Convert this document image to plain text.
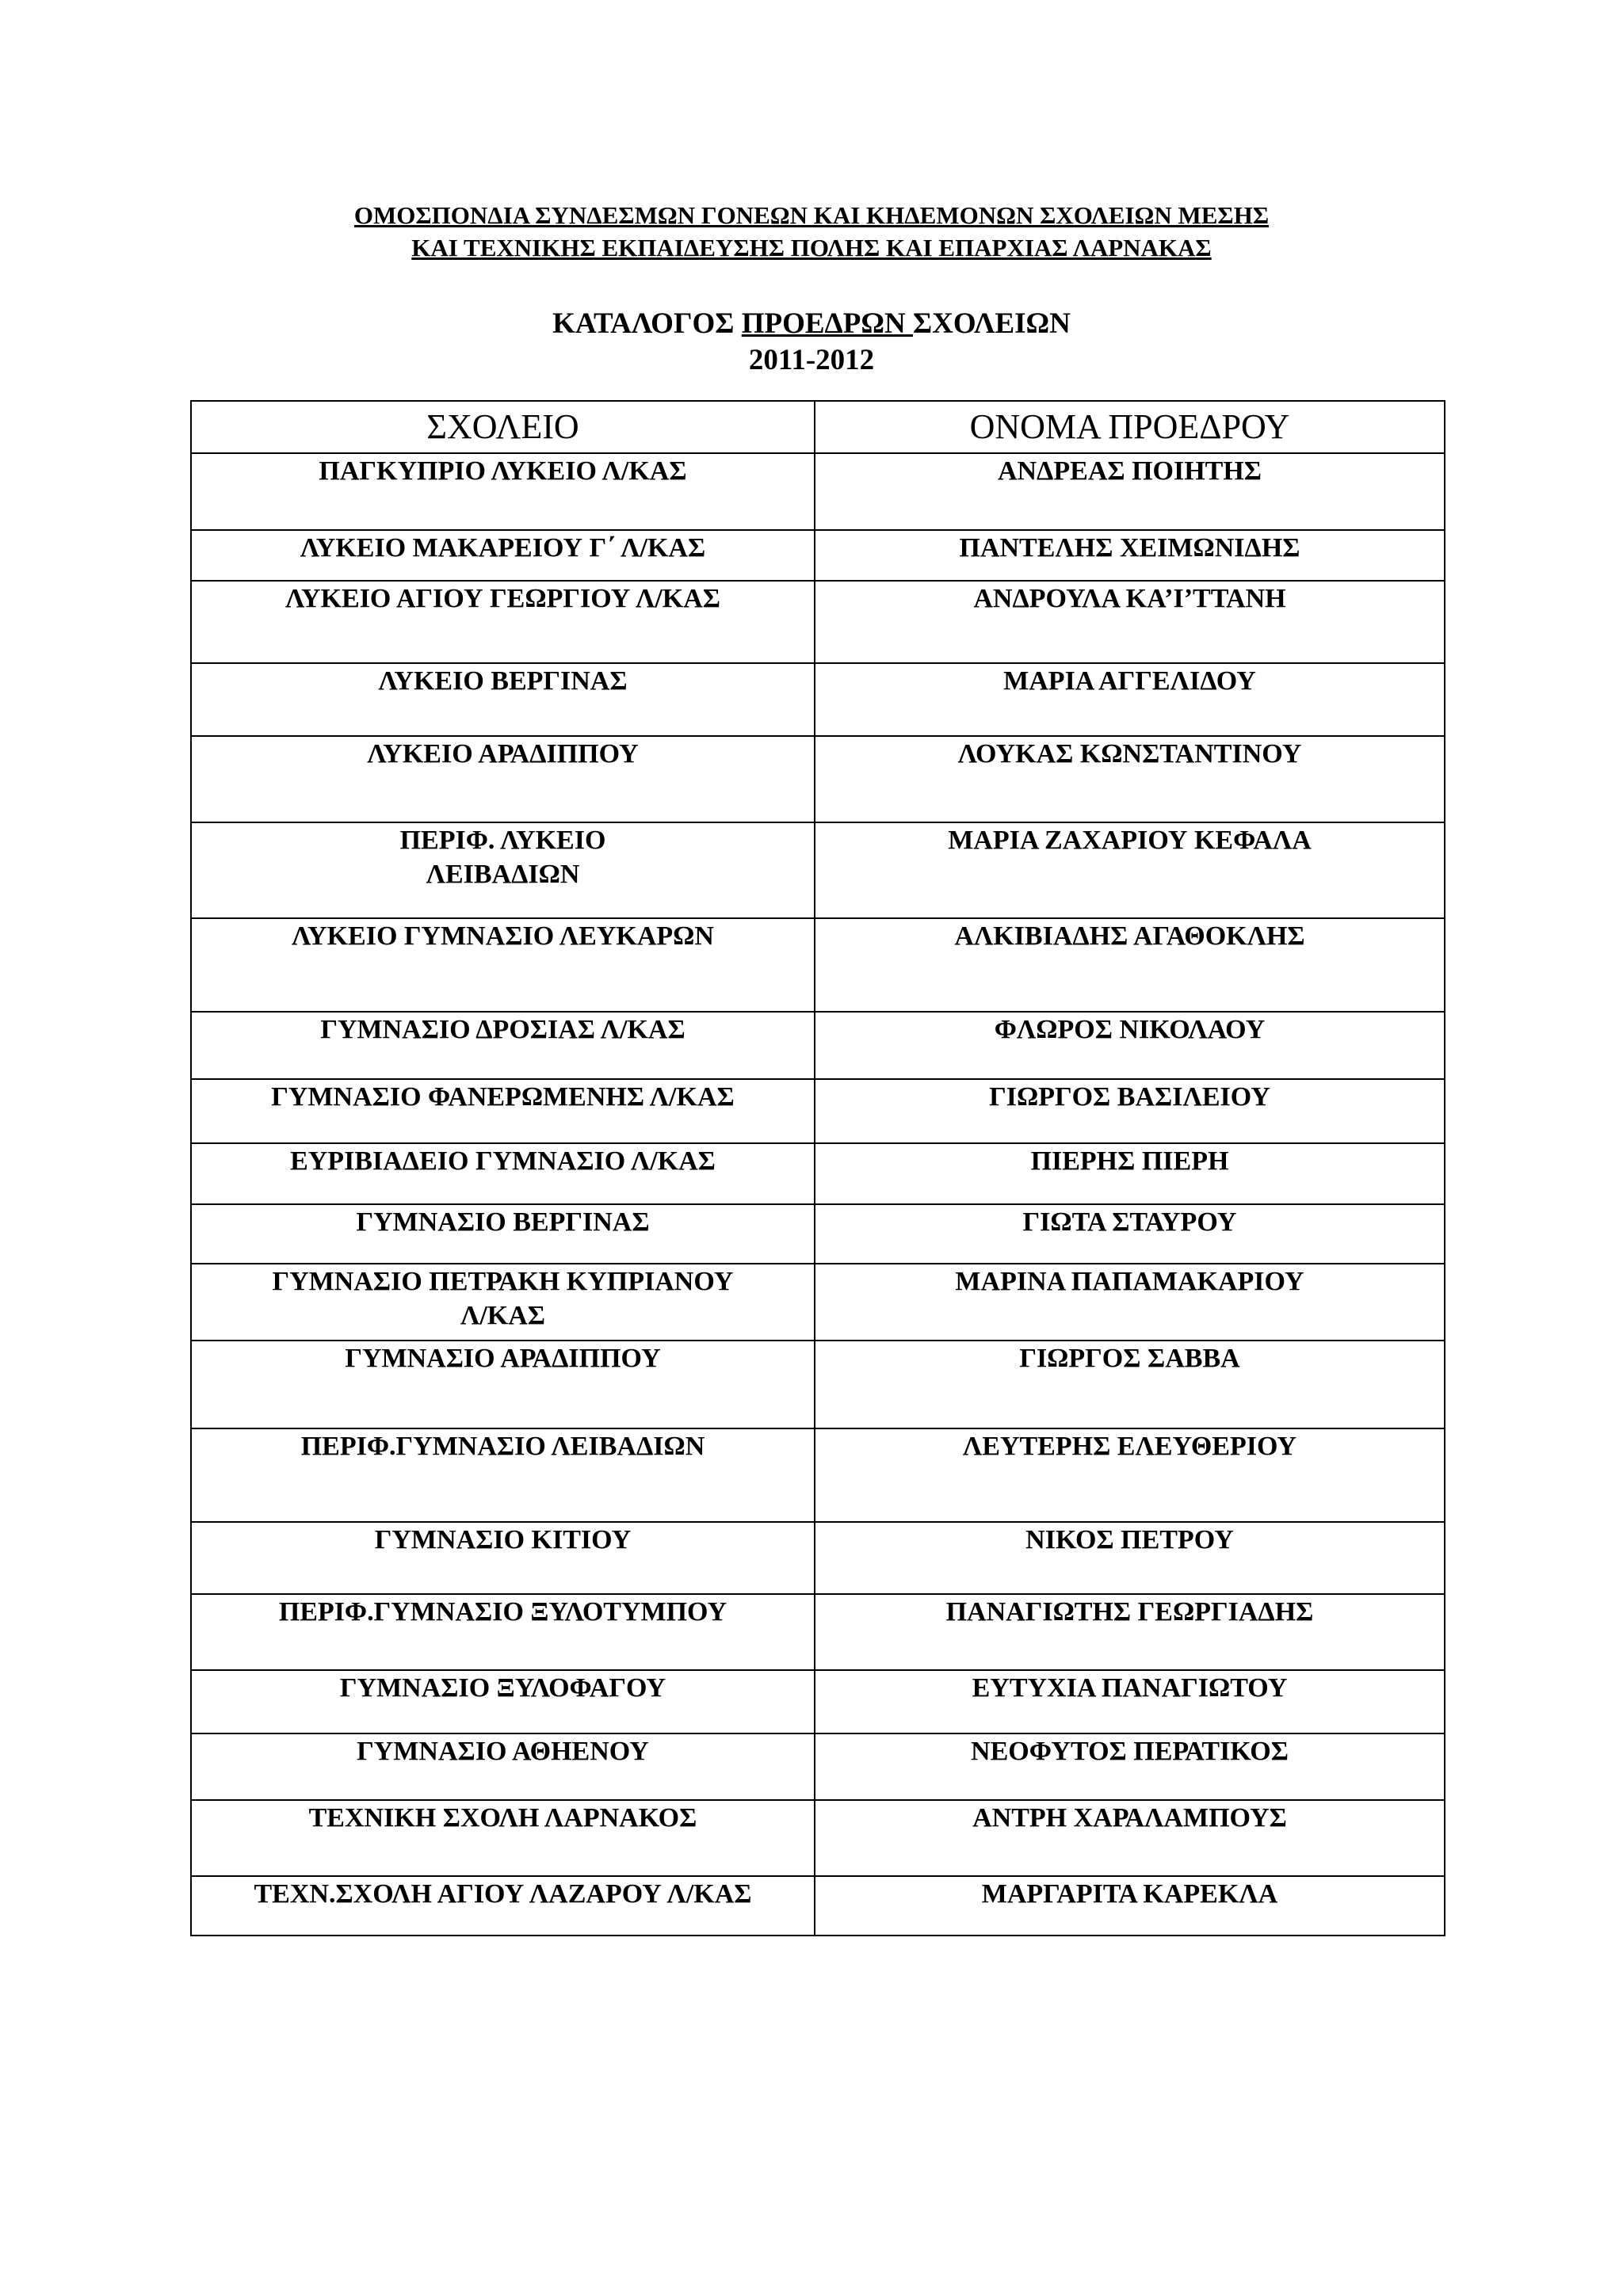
ΟΜΟΣΠΟΝΔΙΑ ΣΥΝΔΕΣΜΩΝ ΓΟΝΕΩΝ ΚΑΙ ΚΗΔΕΜΟΝΩΝ ΣΧΟΛΕΙΩΝ ΜΕΣΗΣ
ΚΑΙ ΤΕΧΝΙΚΗΣ ΕΚΠΑΙΔΕΥΣΗΣ ΠΟΛΗΣ ΚΑΙ ΕΠΑΡΧΙΑΣ ΛΑΡΝΑΚΑΣ
ΚΑΤΑΛΟΓΟΣ ΠΡΟΕΔΡΩΝ ΣΧΟΛΕΙΩΝ
2011-2012
ΣΧΟΛΕΙΟ	ΟΝΟΜΑ ΠΡΟΕΔΡΟΥ
ΠΑΓΚΥΠΡΙΟ ΛΥΚΕΙΟ Λ/ΚΑΣ	ΑΝΔΡΕΑΣ ΠΟΙΗΤΗΣ
ΛΥΚΕΙΟ ΜΑΚΑΡΕΙΟΥ Γ΄ Λ/ΚΑΣ	ΠΑΝΤΕΛΗΣ ΧΕΙΜΩΝΙΔΗΣ
ΛΥΚΕΙΟ ΑΓΙΟΥ ΓΕΩΡΓΙΟΥ Λ/ΚΑΣ	ΑΝΔΡΟΥΛΑ ΚΑ’Ι’ΤΤΑΝΗ
ΛΥΚΕΙΟ ΒΕΡΓΙΝΑΣ	ΜΑΡΙΑ ΑΓΓΕΛΙΔΟΥ
ΛΥΚΕΙΟ ΑΡΑΔΙΠΠΟΥ	ΛΟΥΚΑΣ ΚΩΝΣΤΑΝΤΙΝΟΥ
ΠΕΡΙΦ. ΛΥΚΕΙΟ
ΛΕΙΒΑΔΙΩΝ	ΜΑΡΙΑ ΖΑΧΑΡΙΟΥ ΚΕΦΑΛΑ
ΛΥΚΕΙΟ ΓΥΜΝΑΣΙΟ ΛΕΥΚΑΡΩΝ	ΑΛΚΙΒΙΑΔΗΣ ΑΓΑΘΟΚΛΗΣ
ΓΥΜΝΑΣΙΟ ΔΡΟΣΙΑΣ Λ/ΚΑΣ	ΦΛΩΡΟΣ ΝΙΚΟΛΑΟΥ
ΓΥΜΝΑΣΙΟ ΦΑΝΕΡΩΜΕΝΗΣ Λ/ΚΑΣ	ΓΙΩΡΓΟΣ ΒΑΣΙΛΕΙΟΥ
ΕΥΡΙΒΙΑΔΕΙΟ ΓΥΜΝΑΣΙΟ Λ/ΚΑΣ	ΠΙΕΡΗΣ ΠΙΕΡΗ
ΓΥΜΝΑΣΙΟ ΒΕΡΓΙΝΑΣ	ΓΙΩΤΑ ΣΤΑΥΡΟΥ
ΓΥΜΝΑΣΙΟ ΠΕΤΡΑΚΗ ΚΥΠΡΙΑΝΟΥ
Λ/ΚΑΣ	ΜΑΡΙΝΑ ΠΑΠΑΜΑΚΑΡΙΟΥ
ΓΥΜΝΑΣΙΟ ΑΡΑΔΙΠΠΟΥ	ΓΙΩΡΓΟΣ ΣΑΒΒΑ
ΠΕΡΙΦ.ΓΥΜΝΑΣΙΟ ΛΕΙΒΑΔΙΩΝ	ΛΕΥΤΕΡΗΣ ΕΛΕΥΘΕΡΙΟΥ
ΓΥΜΝΑΣΙΟ ΚΙΤΙΟΥ	ΝΙΚΟΣ ΠΕΤΡΟΥ
ΠΕΡΙΦ.ΓΥΜΝΑΣΙΟ ΞΥΛΟΤΥΜΠΟΥ	ΠΑΝΑΓΙΩΤΗΣ ΓΕΩΡΓΙΑΔΗΣ
ΓΥΜΝΑΣΙΟ ΞΥΛΟΦΑΓΟΥ	ΕΥΤΥΧΙΑ ΠΑΝΑΓΙΩΤΟΥ
ΓΥΜΝΑΣΙΟ ΑΘΗΕΝΟΥ	ΝΕΟΦΥΤΟΣ ΠΕΡΑΤΙΚΟΣ
ΤΕΧΝΙΚΗ ΣΧΟΛΗ ΛΑΡΝΑΚΟΣ	ΑΝΤΡΗ ΧΑΡΑΛΑΜΠΟΥΣ
ΤΕΧΝ.ΣΧΟΛΗ ΑΓΙΟΥ ΛΑΖΑΡΟΥ Λ/ΚΑΣ	ΜΑΡΓΑΡΙΤΑ ΚΑΡΕΚΛΑ
